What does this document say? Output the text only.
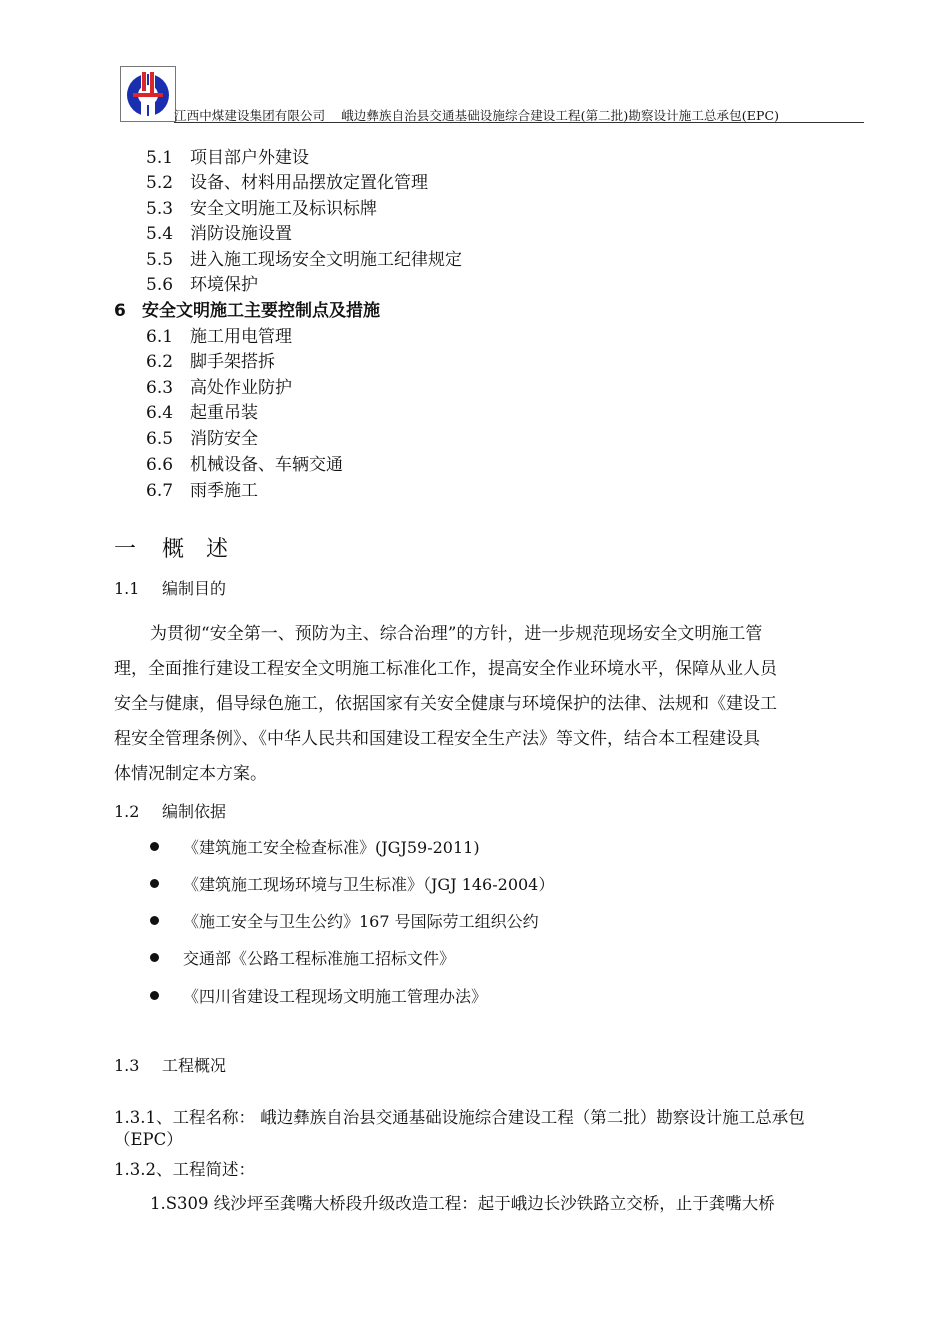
江西中煤建设集团有限公司 峨边彝族自治县交通基础设施综合建设工程(第二批)勘察设计施工总承包(EPC)
5.1 项目部户外建设
5.2 设备、材料用品摆放定置化管理
5.3 安全文明施工及标识标牌
5.4 消防设施设置
5.5 进入施工现场安全文明施工纪律规定
5.6 环境保护
6 安全文明施工主要控制点及措施
6.1 施工用电管理
6.2 脚手架搭拆
6.3 高处作业防护
6.4 起重吊装
6.5 消防安全
6.6 机械设备、车辆交通
6.7 雨季施工
一 概 述
1.1 编制目的
为贯彻“安全第一、预防为主、综合治理”的方针，进一步规范现场安全文明施工管
理，全面推行建设工程安全文明施工标准化工作，提高安全作业环境水平，保障从业人员
安全与健康，倡导绿色施工，依据国家有关安全健康与环境保护的法律、法规和《建设工
程安全管理条例》、《中华人民共和国建设工程安全生产法》等文件，结合本工程建设具
体情况制定本方案。
1.2 编制依据
《建筑施工安全检查标准》(JGJ59-2011)
《建筑施工现场环境与卫生标准》（JGJ 146-2004）
《施工安全与卫生公约》167 号国际劳工组织公约
交通部《公路工程标准施工招标文件》
《四川省建设工程现场文明施工管理办法》
1.3 工程概况
1.3.1、工程名称： 峨边彝族自治县交通基础设施综合建设工程（第二批）勘察设计施工总承包（EPC）
1.3.2、工程简述：
1.S309 线沙坪至龚嘴大桥段升级改造工程：起于峨边长沙铁路立交桥，止于龚嘴大桥
